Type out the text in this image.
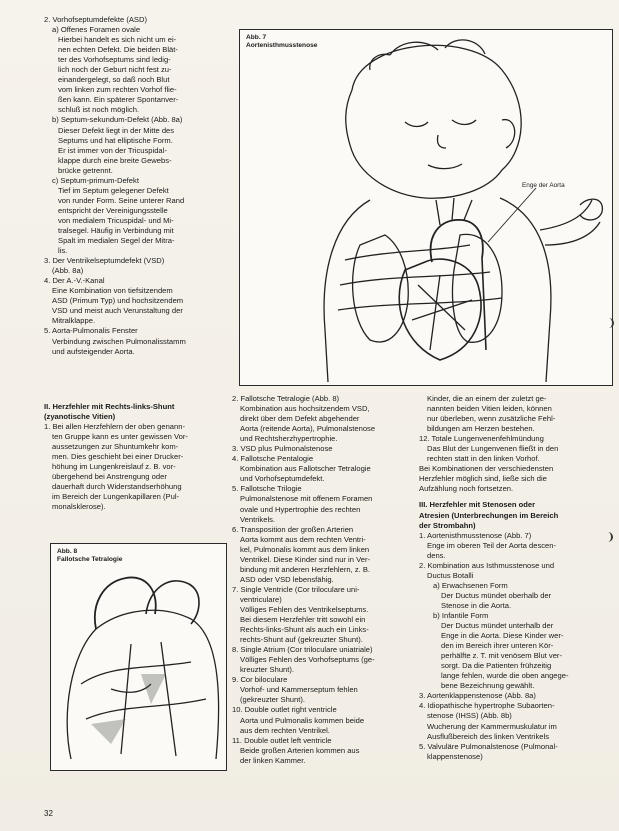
2. Vorhofseptumdefekte (ASD)

a) Offenes Foramen ovale

Hierbei handelt es sich nicht um ei-

nen echten Defekt. Die beiden Blät-

ter des Vorhofseptums sind ledig-

lich noch der Geburt nicht fest zu-

einandergelegt, so daß noch Blut

vom linken zum rechten Vorhof flie-

ßen kann. Ein späterer Spontanver-

schluß ist noch möglich.

b) Septum-sekundum-Defekt (Abb. 8a)

Dieser Defekt liegt in der Mitte des

Septums und hat elliptische Form.

Er ist immer von der Tricuspidal-

klappe durch eine breite Gewebs-

brücke getrennt.

c) Septum-primum-Defekt

Tief im Septum gelegener Defekt

von runder Form. Seine unterer Rand

entspricht der Vereinigungsstelle

von medialem Tricuspidal- und Mi-

tralsegel. Häufig in Verbindung mit

Spalt im medialen Segel der Mitra-

lis.

3. Der Ventrikelseptumdefekt (VSD)

(Abb. 8a)

4. Der A.-V.-Kanal

Eine Kombination von tiefsitzendem

ASD (Primum Typ) und hochsitzendem

VSD und meist auch Verunstaltung der

Mitralklappe.

5. Aorta-Pulmonalis Fenster

Verbindung zwischen Pulmonalisstamm

und aufsteigender Aorta.

Abb. 7
Aortenisthmusstenose
Enge der Aorta

II. Herzfehler mit Rechts-links-Shunt

(zyanotische Vitien)

1. Bei allen Herzfehlern der oben genann-

ten Gruppe kann es unter gewissen Vor-

aussetzungen zur Shuntumkehr kom-

men. Dies geschieht bei einer Drucker-

höhung im Lungenkreislauf z. B. vor-

übergehend bei Anstrengung oder

dauerhaft durch Widerstandserhöhung

im Bereich der Lungenkapillaren (Pul-

monalsklerose).

Abb. 8
Fallotsche Tetralogie

2. Fallotsche Tetralogie (Abb. 8)

Kombination aus hochsitzendem VSD,

direkt über dem Defekt abgehender

Aorta (reitende Aorta), Pulmonalstenose

und Rechtsherzhypertrophie.

3. VSD plus Pulmonalstenose

4. Fallotsche Pentalogie

Kombination aus Fallotscher Tetralogie

und Vorhofseptumdefekt.

5. Fallotsche Trilogie

Pulmonalstenose mit offenem Foramen

ovale und Hypertrophie des rechten

Ventrikels.

6. Transposition der großen Arterien

Aorta kommt aus dem rechten Ventri-

kel, Pulmonalis kommt aus dem linken

Ventrikel. Diese Kinder sind nur in Ver-

bindung mit anderen Herzfehlern, z. B.

ASD oder VSD lebensfähig.

7. Single Ventricle (Cor triloculare uni-

ventriculare)

Völliges Fehlen des Ventrikelseptums.

Bei diesem Herzfehler tritt sowohl ein

Rechts-links-Shunt als auch ein Links-

rechts-Shunt auf (gekreuzter Shunt).

8. Single Atrium (Cor triloculare uniatriale)

Völliges Fehlen des Vorhofseptums (ge-

kreuzter Shunt).

9. Cor biloculare

Vorhof- und Kammerseptum fehlen

(gekreuzter Shunt).

10. Double outlet right ventricle

Aorta und Pulmonalis kommen beide

aus dem rechten Ventrikel.

11. Double outlet left ventricle

Beide großen Arterien kommen aus

der linken Kammer.

Kinder, die an einem der zuletzt ge-

nannten beiden Vitien leiden, können

nur überleben, wenn zusätzliche Fehl-

bildungen am Herzen bestehen.

12. Totale Lungenvenenfehlmündung

Das Blut der Lungenvenen fließt in den

rechten statt in den linken Vorhof.

Bei Kombinationen der verschiedensten

Herzfehler möglich sind, ließe sich die

Aufzählung noch fortsetzen.

III. Herzfehler mit Stenosen oder

Atresien (Unterbrechungen im Bereich

der Strombahn)

1. Aortenisthmusstenose (Abb. 7)

Enge im oberen Teil der Aorta descen-

dens.

2. Kombination aus Isthmusstenose und

Ductus Botalli

a) Erwachsenen Form

Der Ductus mündet oberhalb der

Stenose in die Aorta.

b) Infantile Form

Der Ductus mündet unterhalb der

Enge in die Aorta. Diese Kinder wer-

den im Bereich ihrer unteren Kör-

perhälfte z. T. mit venösem Blut ver-

sorgt. Da die Patienten frühzeitig

lange fehlen, wurde die oben angege-

bene Bezeichnung gewählt.

3. Aortenklappenstenose (Abb. 8a)

4. Idiopathische hypertrophe Subaorten-

stenose (IHSS) (Abb. 8b)

Wucherung der Kammermuskulatur im

Ausflußbereich des linken Ventrikels

5. Valvuläre Pulmonalstenose (Pulmonal-

klappenstenose)

32
